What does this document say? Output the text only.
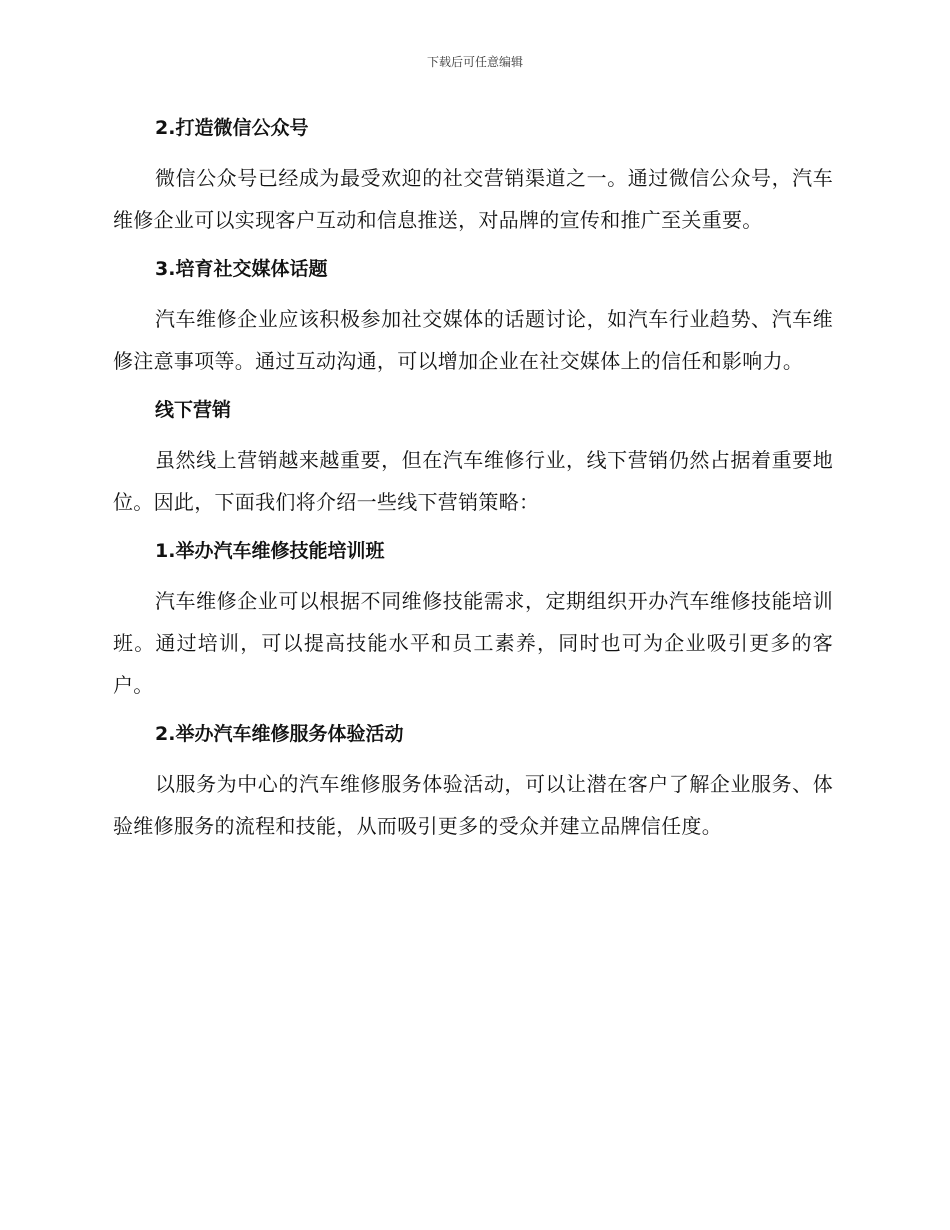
下载后可任意编辑
2.打造微信公众号

微信公众号已经成为最受欢迎的社交营销渠道之一。通过微信公众号，汽车维修企业可以实现客户互动和信息推送，对品牌的宣传和推广至关重要。

3.培育社交媒体话题

汽车维修企业应该积极参加社交媒体的话题讨论，如汽车行业趋势、汽车维修注意事项等。通过互动沟通，可以增加企业在社交媒体上的信任和影响力。

线下营销

虽然线上营销越来越重要，但在汽车维修行业，线下营销仍然占据着重要地位。因此，下面我们将介绍一些线下营销策略：

1.举办汽车维修技能培训班

汽车维修企业可以根据不同维修技能需求，定期组织开办汽车维修技能培训班。通过培训，可以提高技能水平和员工素养，同时也可为企业吸引更多的客户。

2.举办汽车维修服务体验活动

以服务为中心的汽车维修服务体验活动，可以让潜在客户了解企业服务、体验维修服务的流程和技能，从而吸引更多的受众并建立品牌信任度。
